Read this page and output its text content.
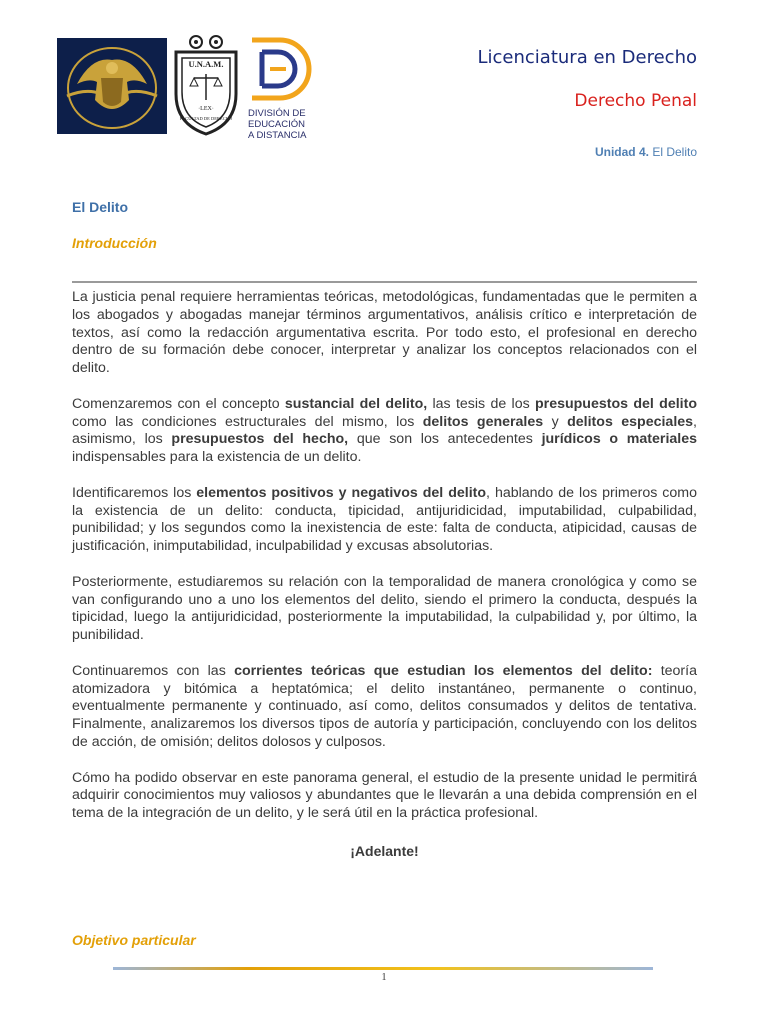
U.N.A.M.
·LEX·
FACULTAD DE DERECHO DIVISIÓN DE
EDUCACIÓN
A DISTANCIA
Licenciatura en Derecho
Derecho Penal
Unidad 4. El Delito
El Delito
Introducción

La justicia penal requiere herramientas teóricas, metodológicas, fundamentadas que le permiten a los abogados y abogadas manejar términos argumentativos, análisis crítico e interpretación de textos, así como la redacción argumentativa escrita. Por todo esto, el profesional en derecho dentro de su formación debe conocer, interpretar y analizar los conceptos relacionados con el delito.

Comenzaremos con el concepto sustancial del delito, las tesis de los presupuestos del delito como las condiciones estructurales del mismo, los delitos generales y delitos especiales, asimismo, los presupuestos del hecho, que son los antecedentes jurídicos o materiales indispensables para la existencia de un delito.

Identificaremos los elementos positivos y negativos del delito, hablando de los primeros como la existencia de un delito: conducta, tipicidad, antijuridicidad, imputabilidad, culpabilidad, punibilidad; y los segundos como la inexistencia de este: falta de conducta, atipicidad, causas de justificación, inimputabilidad, inculpabilidad y excusas absolutorias.

Posteriormente, estudiaremos su relación con la temporalidad de manera cronológica y como se van configurando uno a uno los elementos del delito, siendo el primero la conducta, después la tipicidad, luego la antijuridicidad, posteriormente la imputabilidad, la culpabilidad y, por último, la punibilidad.

Continuaremos con las corrientes teóricas que estudian los elementos del delito: teoría atomizadora y bitómica a heptatómica; el delito instantáneo, permanente o continuo, eventualmente permanente y continuado, así como, delitos consumados y delitos de tentativa. Finalmente, analizaremos los diversos tipos de autoría y participación, concluyendo con los delitos de acción, de omisión; delitos dolosos y culposos.

Cómo ha podido observar en este panorama general, el estudio de la presente unidad le permitirá adquirir conocimientos muy valiosos y abundantes que le llevarán a una debida comprensión en el tema de la integración de un delito, y le será útil en la práctica profesional.

¡Adelante!
Objetivo particular
1
